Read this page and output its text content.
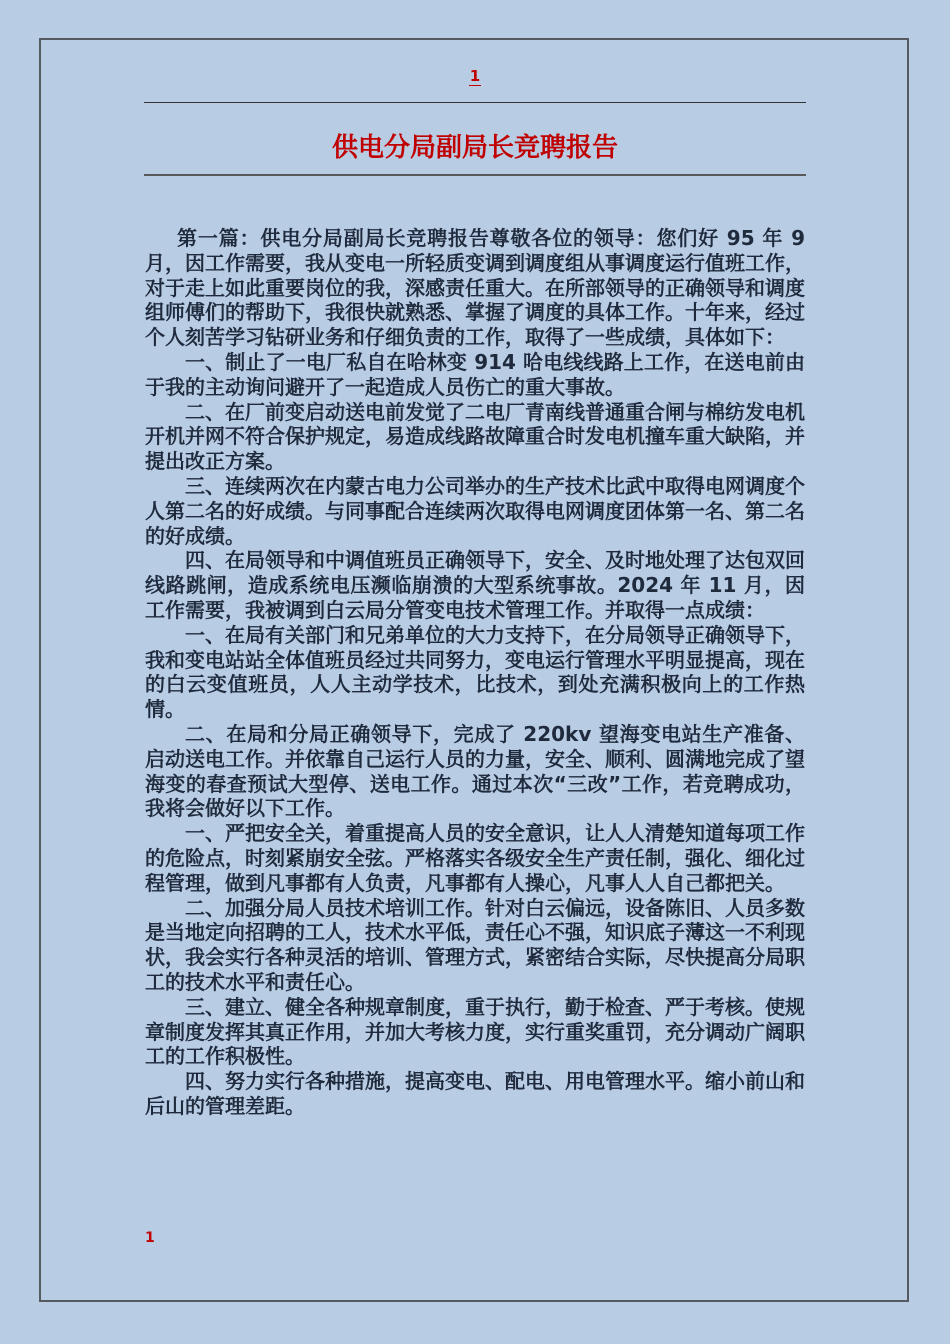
1
供电分局副局长竞聘报告

第一篇：供电分局副局长竞聘报告尊敬各位的领导：您们好 95 年 9 月，因工作需要，我从变电一所轻质变调到调度组从事调度运行值班工作，对于走上如此重要岗位的我，深感责任重大。在所部领导的正确领导和调度组师傅们的帮助下，我很快就熟悉、掌握了调度的具体工作。十年来，经过个人刻苦学习钻研业务和仔细负责的工作，取得了一些成绩，具体如下：

一、制止了一电厂私自在哈林变 914 哈电线线路上工作，在送电前由于我的主动询问避开了一起造成人员伤亡的重大事故。

二、在厂前变启动送电前发觉了二电厂青南线普通重合闸与棉纺发电机开机并网不符合保护规定，易造成线路故障重合时发电机撞车重大缺陷，并提出改正方案。

三、连续两次在内蒙古电力公司举办的生产技术比武中取得电网调度个人第二名的好成绩。与同事配合连续两次取得电网调度团体第一名、第二名的好成绩。

四、在局领导和中调值班员正确领导下，安全、及时地处理了达包双回线路跳闸，造成系统电压濒临崩溃的大型系统事故。2024 年 11 月，因工作需要，我被调到白云局分管变电技术管理工作。并取得一点成绩：

一、在局有关部门和兄弟单位的大力支持下，在分局领导正确领导下，我和变电站站全体值班员经过共同努力，变电运行管理水平明显提高，现在的白云变值班员，人人主动学技术，比技术，到处充满积极向上的工作热情。

二、在局和分局正确领导下，完成了 220kv 望海变电站生产准备、启动送电工作。并依靠自己运行人员的力量，安全、顺利、圆满地完成了望海变的春查预试大型停、送电工作。通过本次“三改”工作，若竞聘成功，我将会做好以下工作。

一、严把安全关，着重提高人员的安全意识，让人人清楚知道每项工作的危险点，时刻紧崩安全弦。严格落实各级安全生产责任制，强化、细化过程管理，做到凡事都有人负责，凡事都有人操心，凡事人人自己都把关。

二、加强分局人员技术培训工作。针对白云偏远，设备陈旧、人员多数是当地定向招聘的工人，技术水平低，责任心不强，知识底子薄这一不利现状，我会实行各种灵活的培训、管理方式，紧密结合实际，尽快提高分局职工的技术水平和责任心。

三、建立、健全各种规章制度，重于执行，勤于检查、严于考核。使规章制度发挥其真正作用，并加大考核力度，实行重奖重罚，充分调动广阔职工的工作积极性。

四、努力实行各种措施，提高变电、配电、用电管理水平。缩小前山和后山的管理差距。

1
